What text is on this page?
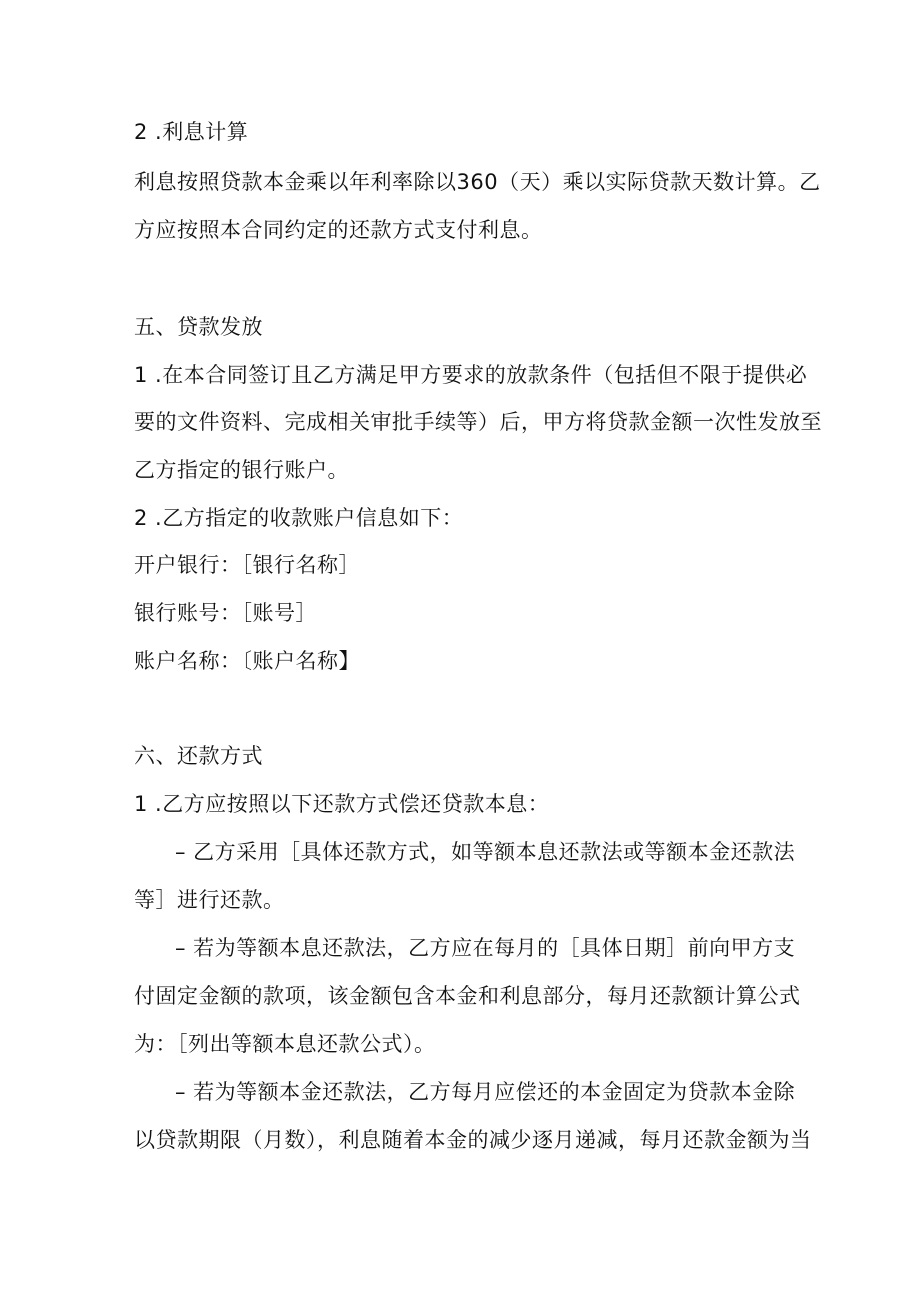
2 .利息计算
利息按照贷款本金乘以年利率除以360（天）乘以实际贷款天数计算。乙
方应按照本合同约定的还款方式支付利息。
五、贷款发放
1 .在本合同签订且乙方满足甲方要求的放款条件（包括但不限于提供必
要的文件资料、完成相关审批手续等）后，甲方将贷款金额一次性发放至
乙方指定的银行账户。
2 .乙方指定的收款账户信息如下：
开户银行：［银行名称］
银行账号：［账号］
账户名称：〔账户名称】
六、还款方式
1 .乙方应按照以下还款方式偿还贷款本息：
– 乙方采用［具体还款方式，如等额本息还款法或等额本金还款法
等］进行还款。
– 若为等额本息还款法，乙方应在每月的［具体日期］前向甲方支
付固定金额的款项，该金额包含本金和利息部分，每月还款额计算公式
为：［列出等额本息还款公式）。
– 若为等额本金还款法，乙方每月应偿还的本金固定为贷款本金除
以贷款期限（月数），利息随着本金的减少逐月递减，每月还款金额为当
